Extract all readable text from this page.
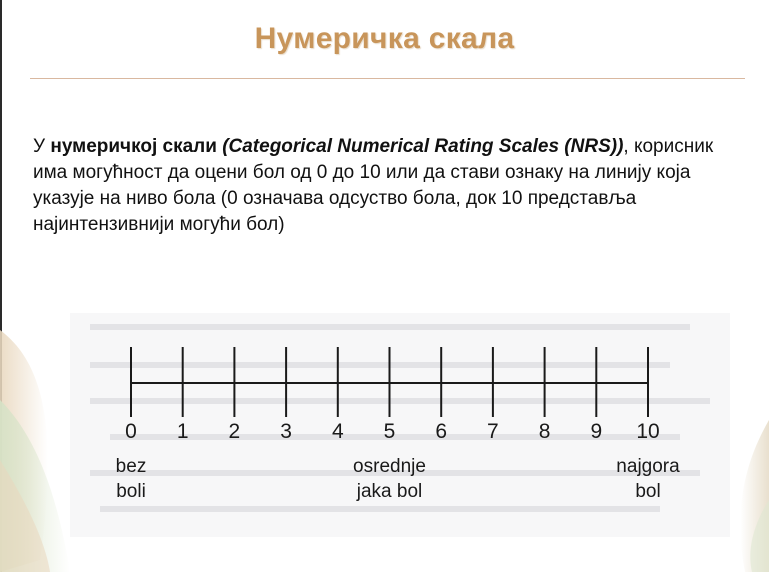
Нумеричка скала
У нумеричкој скали (Categorical Numerical Rating Scales (NRS)), корисник има могућност да оцени бол од 0 до 10 или да стави ознаку на линију која указује на ниво бола (0 означава одсуство бола, док 10 представља најинтензивнији могући бол)
0 1 2 3 4 5 6 7 8 9 10
bez
boli
osrednje
jaka bol
najgora
bol
